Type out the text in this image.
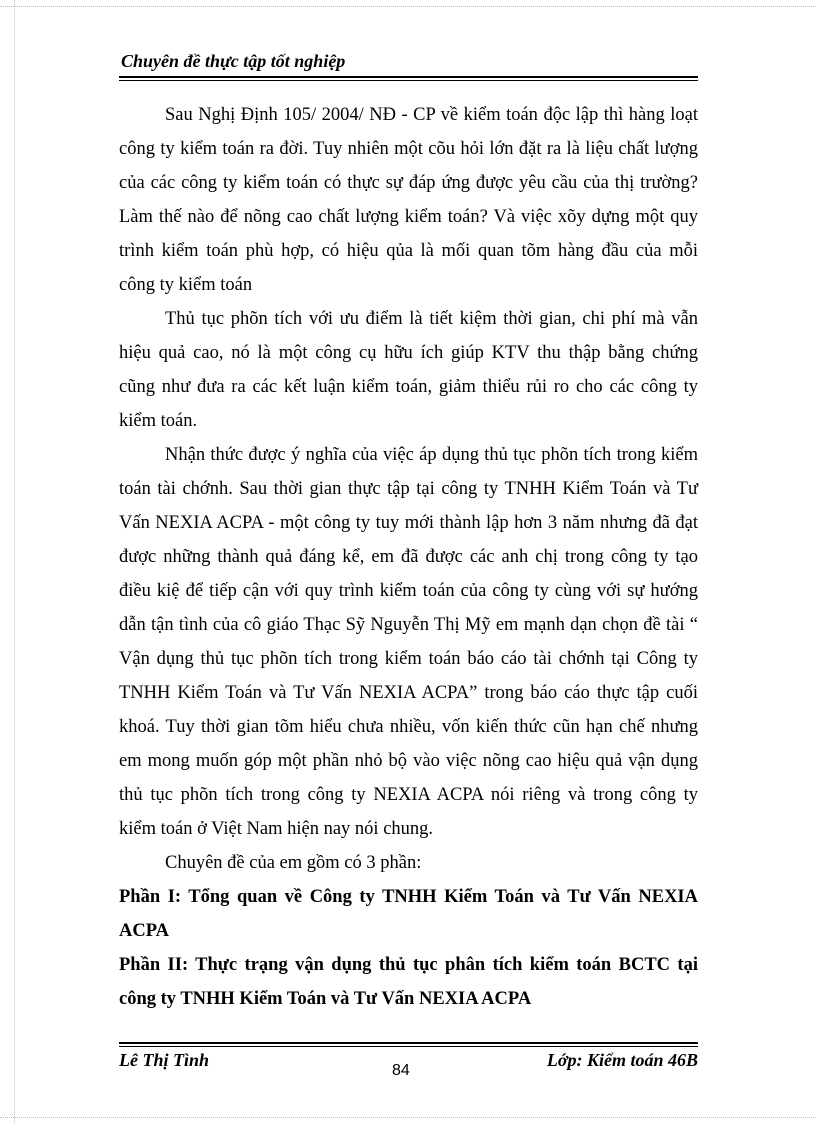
Chuyên đề thực tập tốt nghiệp
Sau Nghị Định 105/ 2004/ NĐ - CP về kiểm toán độc lập thì hàng loạt
công ty kiểm toán ra đời. Tuy nhiên một cõu hỏi lớn đặt ra là liệu chất lượng
của các công ty kiểm toán có thực sự đáp ứng được yêu cầu của thị trường?
Làm thế nào để nõng cao chất lượng kiểm toán? Và việc xõy dựng một quy
trình kiểm toán phù hợp, có hiệu qủa là mối quan tõm hàng đầu của mỗi
công ty kiểm toán
Thủ tục phõn tích với ưu điểm là tiết kiệm thời gian, chi phí mà vẫn
hiệu quả cao, nó là một công cụ hữu ích giúp KTV thu thập bằng chứng
cũng như đưa ra các kết luận kiểm toán, giảm thiểu rủi ro cho các công ty
kiểm toán.
Nhận thức được ý nghĩa của việc áp dụng thủ tục phõn tích trong kiểm
toán tài chớnh. Sau thời gian thực tập tại công ty TNHH Kiểm Toán và Tư
Vấn NEXIA ACPA - một công ty tuy mới thành lập hơn 3 năm nhưng đã đạt
được những thành quả đáng kể, em đã được các anh chị trong công ty tạo
điều kiệ để tiếp cận với quy trình kiểm toán của công ty cùng với sự hướng
dẫn tận tình của cô giáo Thạc Sỹ Nguyễn Thị Mỹ em mạnh dạn chọn đề tài “
Vận dụng thủ tục phõn tích trong kiểm toán báo cáo tài chớnh tại Công ty
TNHH Kiểm Toán và Tư Vấn NEXIA ACPA” trong báo cáo thực tập cuối
khoá. Tuy thời gian tõm hiểu chưa nhiều, vốn kiến thức cũn hạn chế nhưng
em mong muốn góp một phần nhỏ bộ vào việc nõng cao hiệu quả vận dụng
thủ tục phõn tích trong công ty NEXIA ACPA nói riêng và trong công ty
kiểm toán ở Việt Nam hiện nay nói chung.
Chuyên đề của em gồm có 3 phần:
Phần I: Tổng quan về Công ty TNHH Kiểm Toán và Tư Vấn NEXIA
ACPA
Phần II: Thực trạng vận dụng thủ tục phân tích kiểm toán BCTC tại
công ty TNHH Kiểm Toán và Tư Vấn NEXIA ACPA
Lê Thị Tình
84
Lớp: Kiểm toán 46B
